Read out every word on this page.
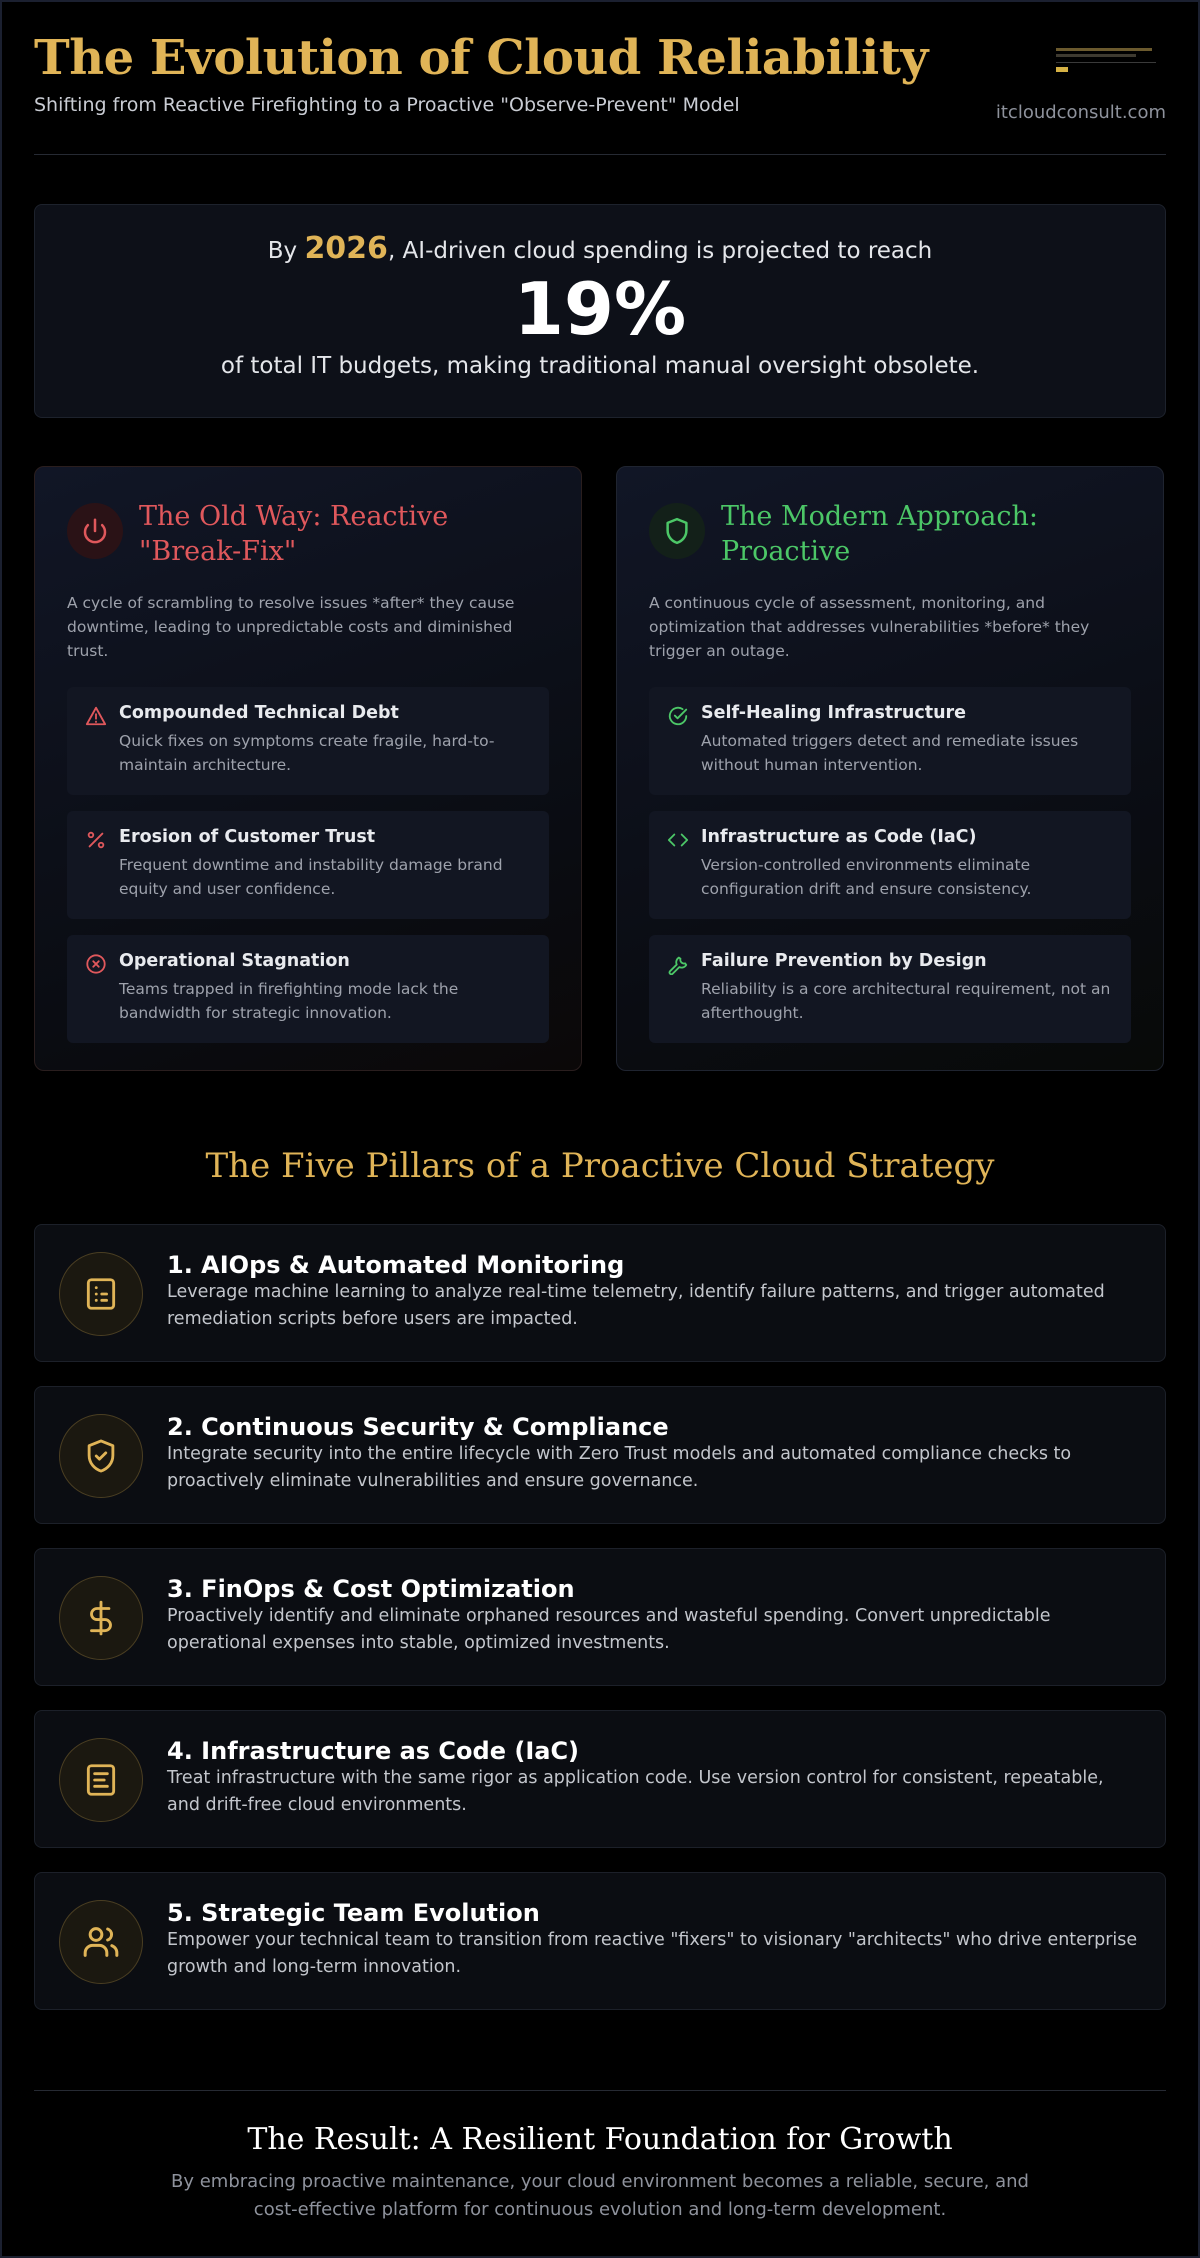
The Evolution of Cloud Reliability
Shifting from Reactive Firefighting to a Proactive "Observe-Prevent" Model	itcloudconsult.com
By 2026, AI-driven cloud spending is projected to reach
19%
of total IT budgets, making traditional manual oversight obsolete.
The Old Way: Reactive "Break-Fix"
A cycle of scrambling to resolve issues *after* they cause downtime, leading to unpredictable costs and diminished trust.
Compounded Technical Debt
Quick fixes on symptoms create fragile, hard-to-maintain architecture.
Erosion of Customer Trust
Frequent downtime and instability damage brand equity and user confidence.
Operational Stagnation
Teams trapped in firefighting mode lack the bandwidth for strategic innovation.
The Modern Approach: Proactive
A continuous cycle of assessment, monitoring, and optimization that addresses vulnerabilities *before* they trigger an outage.
Self-Healing Infrastructure
Automated triggers detect and remediate issues without human intervention.
Infrastructure as Code (IaC)
Version-controlled environments eliminate configuration drift and ensure consistency.
Failure Prevention by Design
Reliability is a core architectural requirement, not an afterthought.
The Five Pillars of a Proactive Cloud Strategy
1. AIOps & Automated Monitoring
Leverage machine learning to analyze real-time telemetry, identify failure patterns, and trigger automated remediation scripts before users are impacted.
2. Continuous Security & Compliance
Integrate security into the entire lifecycle with Zero Trust models and automated compliance checks to proactively eliminate vulnerabilities and ensure governance.
3. FinOps & Cost Optimization
Proactively identify and eliminate orphaned resources and wasteful spending. Convert unpredictable operational expenses into stable, optimized investments.
4. Infrastructure as Code (IaC)
Treat infrastructure with the same rigor as application code. Use version control for consistent, repeatable, and drift-free cloud environments.
5. Strategic Team Evolution
Empower your technical team to transition from reactive "fixers" to visionary "architects" who drive enterprise growth and long-term innovation.
The Result: A Resilient Foundation for Growth
By embracing proactive maintenance, your cloud environment becomes a reliable, secure, and cost-effective platform for continuous evolution and long-term development.
